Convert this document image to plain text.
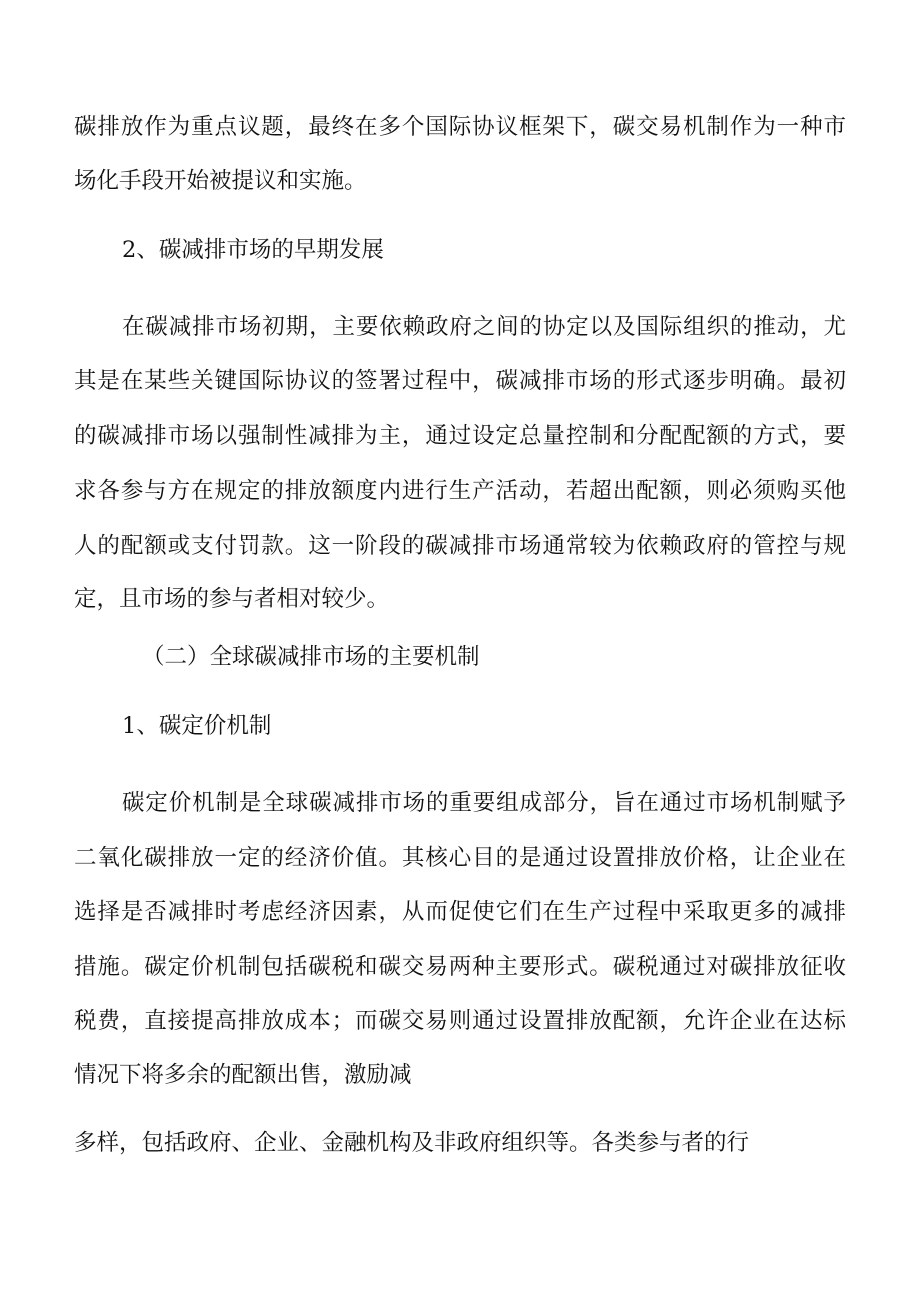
碳排放作为重点议题，最终在多个国际协议框架下，碳交易机制作为一种市
场化手段开始被提议和实施。
2、碳减排市场的早期发展
在碳减排市场初期，主要依赖政府之间的协定以及国际组织的推动，尤
其是在某些关键国际协议的签署过程中，碳减排市场的形式逐步明确。最初
的碳减排市场以强制性减排为主，通过设定总量控制和分配配额的方式，要
求各参与方在规定的排放额度内进行生产活动，若超出配额，则必须购买他
人的配额或支付罚款。这一阶段的碳减排市场通常较为依赖政府的管控与规
定，且市场的参与者相对较少。
（二）全球碳减排市场的主要机制
1、碳定价机制
碳定价机制是全球碳减排市场的重要组成部分，旨在通过市场机制赋予
二氧化碳排放一定的经济价值。其核心目的是通过设置排放价格，让企业在
选择是否减排时考虑经济因素，从而促使它们在生产过程中采取更多的减排
措施。碳定价机制包括碳税和碳交易两种主要形式。碳税通过对碳排放征收
税费，直接提高排放成本；而碳交易则通过设置排放配额，允许企业在达标
情况下将多余的配额出售，激励减
多样，包括政府、企业、金融机构及非政府组织等。各类参与者的行
